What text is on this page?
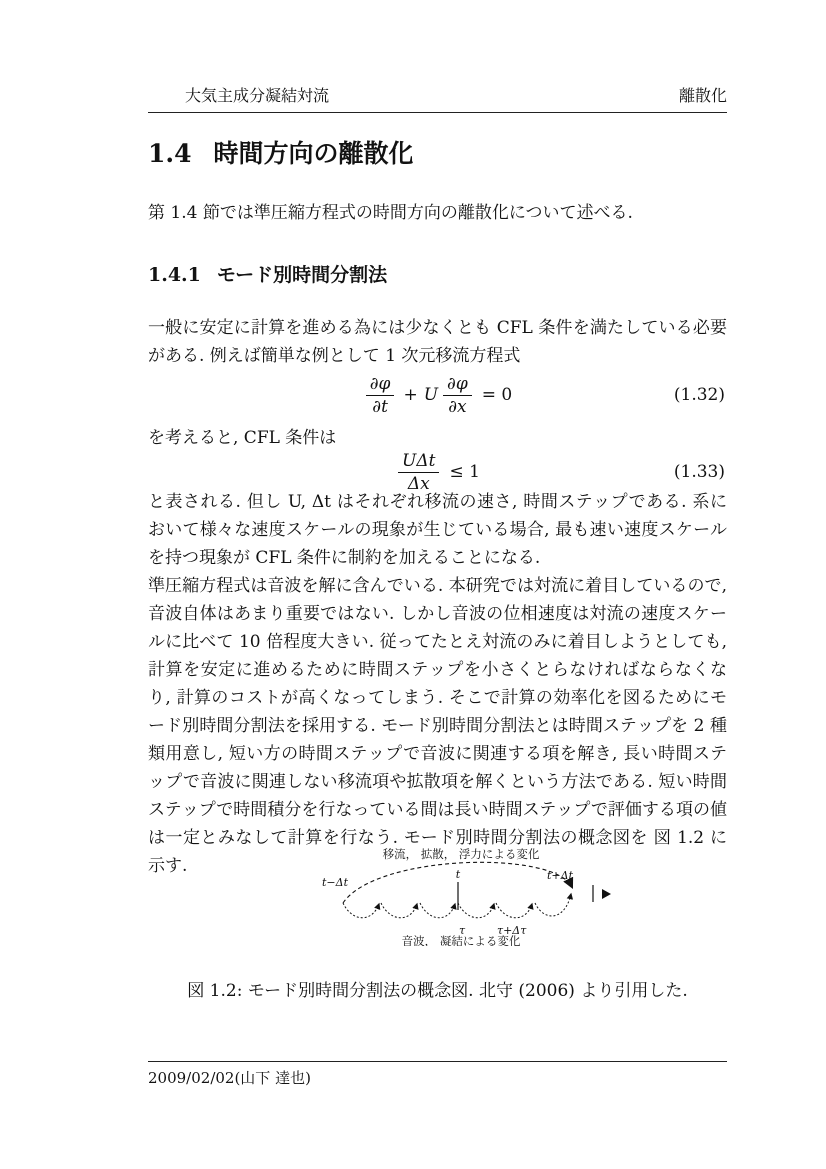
大気主成分凝結対流	離散化
1.4 時間方向の離散化
第 1.4 節では準圧縮方程式の時間方向の離散化について述べる.
1.4.1 モード別時間分割法
一般に安定に計算を進める為には少なくとも CFL 条件を満たしている必要がある. 例えば簡単な例として 1 次元移流方程式
$\frac{\partial\varphi}{\partial t} + U \frac{\partial\varphi}{\partial x} = 0$	(1.32)
を考えると, CFL 条件は
$\frac{\text{UΔt}}{\Delta x} \le 1$	(1.33)
と表される. 但し U, Δt はそれぞれ移流の速さ, 時間ステップである. 系において様々な速度スケールの現象が生じている場合, 最も速い速度スケールを持つ現象が CFL 条件に制約を加えることになる.
準圧縮方程式は音波を解に含んでいる. 本研究では対流に着目しているので, 音波自体はあまり重要ではない. しかし音波の位相速度は対流の速度スケールに比べて 10 倍程度大きい. 従ってたとえ対流のみに着目しようとしても, 計算を安定に進めるために時間ステップを小さくとらなければならなくなり, 計算のコストが高くなってしまう. そこで計算の効率化を図るためにモード別時間分割法を採用する. モード別時間分割法とは時間ステップを 2 種類用意し, 短い方の時間ステップで音波に関連する項を解き, 長い時間ステップで音波に関連しない移流項や拡散項を解くという方法である. 短い時間ステップで時間積分を行なっている間は長い時間ステップで評価する項の値は一定とみなして計算を行なう. モード別時間分割法の概念図を 図 1.2 に示す.
移流， 拡散， 浮力による変化
t−Δt
t	t+Δt
τ	τ+Δτ
音波， 凝結による変化
図 1.2: モード別時間分割法の概念図. 北守 (2006) より引用した.
2009/02/02(山下 達也)
